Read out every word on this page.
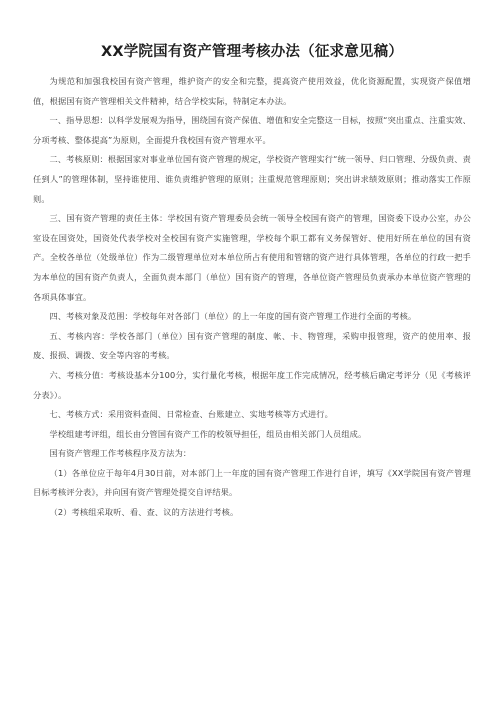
XX学院国有资产管理考核办法（征求意见稿）

为规范和加强我校国有资产管理，维护资产的安全和完整，提高资产使用效益，优化资源配置，实现资产保值增值，根据国有资产管理相关文件精神，结合学校实际，特制定本办法。

一、指导思想：以科学发展观为指导，围绕国有资产保值、增值和安全完整这一目标，按照“突出重点、注重实效、分项考核、整体提高”为原则，全面提升我校国有资产管理水平。

二、考核原则：根据国家对事业单位国有资产管理的规定，学校资产管理实行“统一领导、归口管理、分级负责、责任到人”的管理体制，坚持谁使用、谁负责维护管理的原则；注重规范管理原则；突出讲求绩效原则；推动落实工作原则。

三、国有资产管理的责任主体：学校国有资产管理委员会统一领导全校国有资产的管理，国资委下设办公室，办公室设在国资处，国资处代表学校对全校国有资产实施管理，学校每个职工都有义务保管好、使用好所在单位的国有资产。全校各单位（处级单位）作为二级管理单位对本单位所占有使用和管辖的资产进行具体管理，各单位的行政一把手为本单位的国有资产负责人，全面负责本部门（单位）国有资产的管理，各单位资产管理员负责承办本单位资产管理的各项具体事宜。

四、考核对象及范围：学校每年对各部门（单位）的上一年度的国有资产管理工作进行全面的考核。

五、考核内容：学校各部门（单位）国有资产管理的制度、帐、卡、物管理，采购申报管理，资产的使用率、报废、报损、调拨、安全等内容的考核。

六、考核分值：考核设基本分100分，实行量化考核，根据年度工作完成情况，经考核后确定考评分（见《考核评分表》）。

七、考核方式：采用资料查阅、日常检查、台账建立、实地考核等方式进行。

学校组建考评组，组长由分管国有资产工作的校领导担任，组员由相关部门人员组成。

国有资产管理工作考核程序及方法为：

（1）各单位应于每年4月30日前，对本部门上一年度的国有资产管理工作进行自评，填写《XX学院国有资产管理目标考核评分表》，并向国有资产管理处提交自评结果。

（2）考核组采取听、看、查、议的方法进行考核。
